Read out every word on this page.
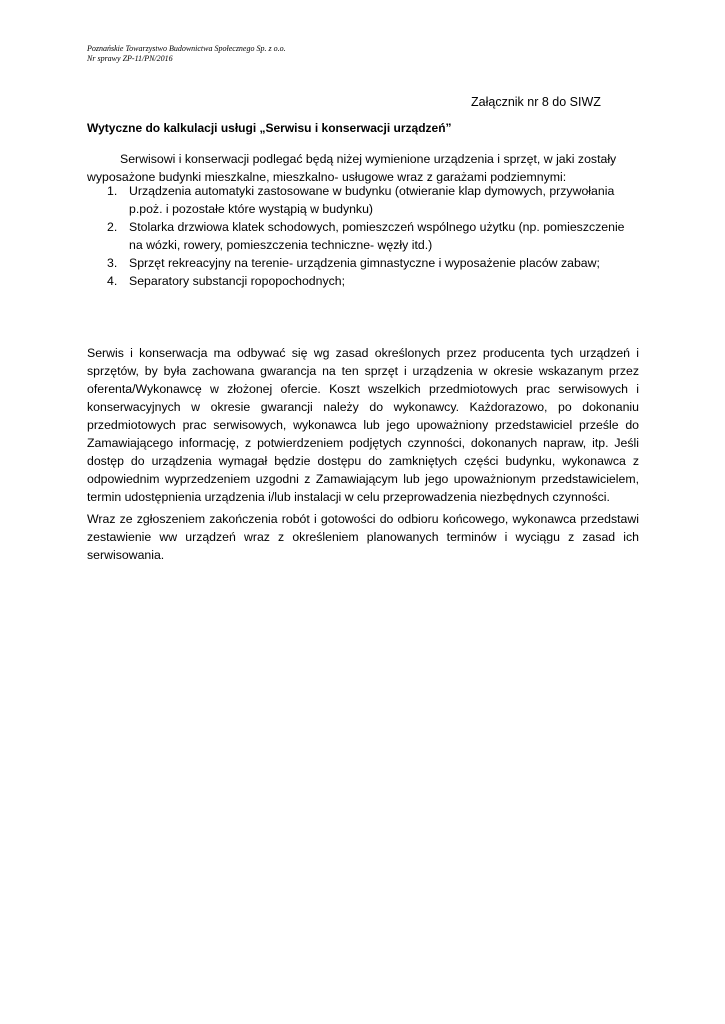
Poznańskie Towarzystwo Budownictwa Społecznego Sp. z o.o.
Nr sprawy ZP-11/PN/2016
Załącznik nr 8 do SIWZ
Wytyczne do kalkulacji usługi „Serwisu i konserwacji urządzeń”

Serwisowi i konserwacji podlegać będą niżej wymienione urządzenia i sprzęt, w jaki zostały wyposażone budynki mieszkalne, mieszkalno- usługowe wraz z garażami podziemnymi:

1. Urządzenia automatyki zastosowane w budynku (otwieranie klap dymowych, przywołania p.poż. i pozostałe które wystąpią w budynku)
2. Stolarka drzwiowa klatek schodowych, pomieszczeń wspólnego użytku (np. pomieszczenie na wózki, rowery, pomieszczenia techniczne- węzły itd.)
3. Sprzęt rekreacyjny na terenie- urządzenia gimnastyczne i wyposażenie placów zabaw;
4. Separatory substancji ropopochodnych;

Serwis i konserwacja ma odbywać się wg zasad określonych przez producenta tych urządzeń i sprzętów, by była zachowana gwarancja na ten sprzęt i urządzenia w okresie wskazanym przez oferenta/Wykonawcę w złożonej ofercie. Koszt wszelkich przedmiotowych prac serwisowych i konserwacyjnych w okresie gwarancji należy do wykonawcy. Każdorazowo, po dokonaniu przedmiotowych prac serwisowych, wykonawca lub jego upoważniony przedstawiciel prześle do Zamawiającego informację, z potwierdzeniem podjętych czynności, dokonanych napraw, itp. Jeśli dostęp do urządzenia wymagał będzie dostępu do zamkniętych części budynku, wykonawca z odpowiednim wyprzedzeniem uzgodni z Zamawiającym lub jego upoważnionym przedstawicielem, termin udostępnienia urządzenia i/lub instalacji w celu przeprowadzenia niezbędnych czynności.

Wraz ze zgłoszeniem zakończenia robót i gotowości do odbioru końcowego, wykonawca przedstawi zestawienie ww urządzeń wraz z określeniem planowanych terminów i wyciągu z zasad ich serwisowania.
